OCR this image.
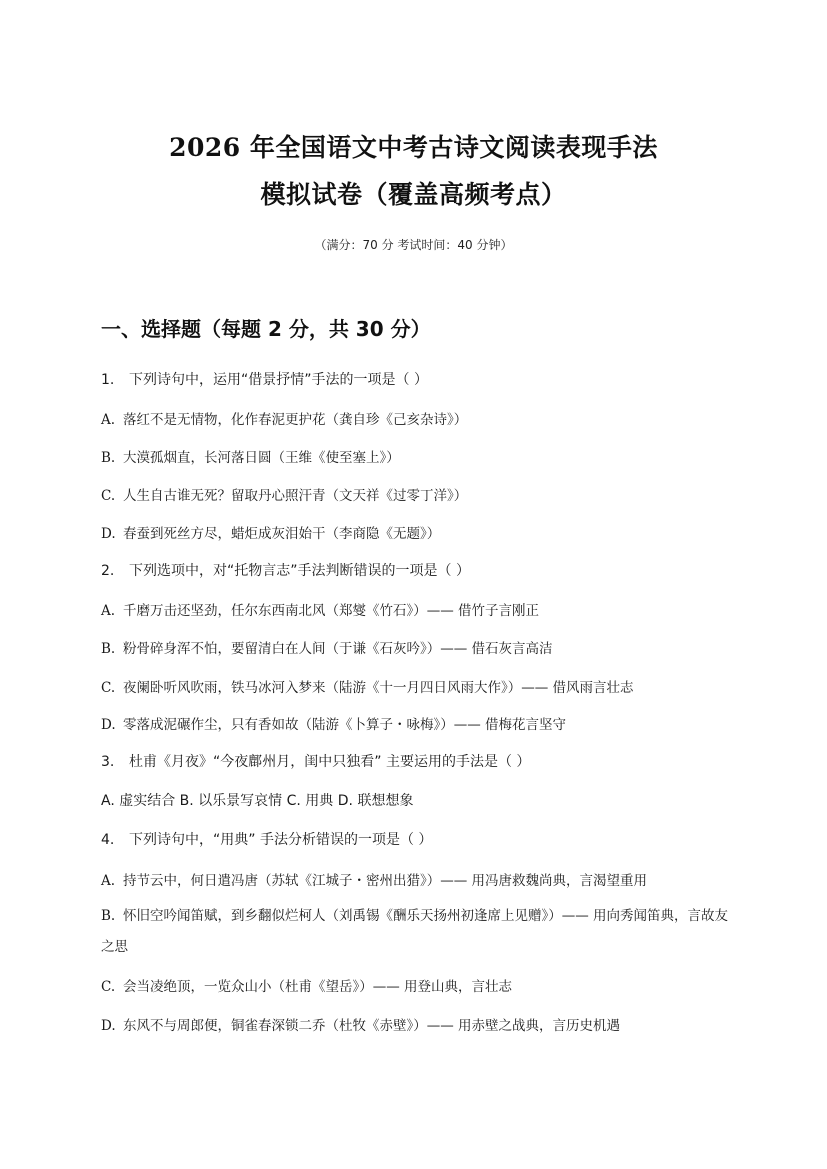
2026 年全国语文中考古诗文阅读表现手法
模拟试卷（覆盖高频考点）
（满分：70 分 考试时间：40 分钟）
一、选择题（每题 2 分，共 30 分）
1. 下列诗句中，运用“借景抒情”手法的一项是（ ）
A. 落红不是无情物，化作春泥更护花（龚自珍《己亥杂诗》）
B. 大漠孤烟直，长河落日圆（王维《使至塞上》）
C. 人生自古谁无死？留取丹心照汗青（文天祥《过零丁洋》）
D. 春蚕到死丝方尽，蜡炬成灰泪始干（李商隐《无题》）
2. 下列选项中，对“托物言志”手法判断错误的一项是（ ）
A. 千磨万击还坚劲，任尔东西南北风（郑燮《竹石》）—— 借竹子言刚正
B. 粉骨碎身浑不怕，要留清白在人间（于谦《石灰吟》）—— 借石灰言高洁
C. 夜阑卧听风吹雨，铁马冰河入梦来（陆游《十一月四日风雨大作》）—— 借风雨言壮志
D. 零落成泥碾作尘，只有香如故（陆游《卜算子・咏梅》）—— 借梅花言坚守
3. 杜甫《月夜》“今夜鄜州月，闺中只独看” 主要运用的手法是（ ）
A. 虚实结合 B. 以乐景写哀情 C. 用典 D. 联想想象
4. 下列诗句中，“用典” 手法分析错误的一项是（ ）
A. 持节云中，何日遣冯唐（苏轼《江城子・密州出猎》）—— 用冯唐救魏尚典，言渴望重用
B. 怀旧空吟闻笛赋，到乡翻似烂柯人（刘禹锡《酬乐天扬州初逢席上见赠》）—— 用向秀闻笛典，言故友之思
C. 会当凌绝顶，一览众山小（杜甫《望岳》）—— 用登山典，言壮志
D. 东风不与周郎便，铜雀春深锁二乔（杜牧《赤壁》）—— 用赤壁之战典，言历史机遇
